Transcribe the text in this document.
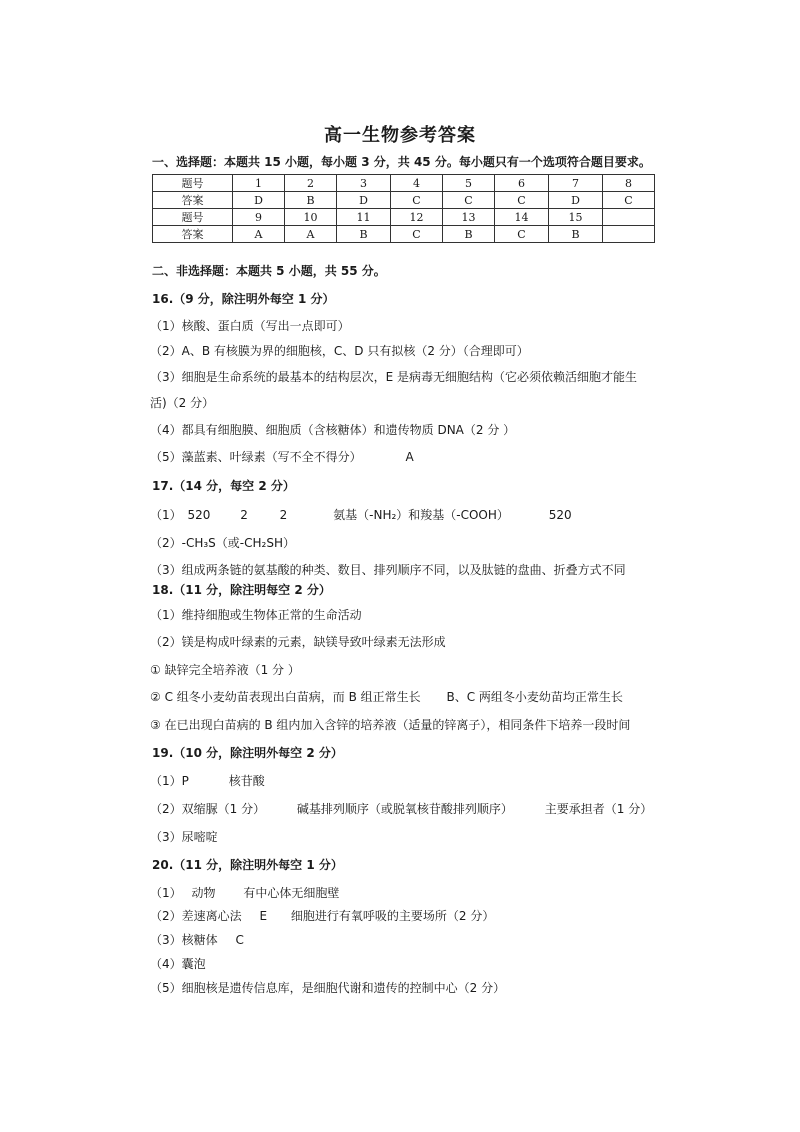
高一生物参考答案
一、选择题：本题共 15 小题，每小题 3 分，共 45 分。每小题只有一个选项符合题目要求。
题号	1	2	3	4	5	6	7	8
答案	D	B	D	C	C	C	D	C
题号	9	10	11	12	13	14	15	
答案	A	A	B	C	B	C	B	
二、非选择题：本题共 5 小题，共 55 分。
16.（9 分，除注明外每空 1 分）
（1）核酸、蛋白质（写出一点即可）
（2）A、B 有核膜为界的细胞核，C、D 只有拟核（2 分）（合理即可）
（3）细胞是生命系统的最基本的结构层次，E 是病毒无细胞结构（它必须依赖活细胞才能生
活)（2 分）
（4）都具有细胞膜、细胞质（含核糖体）和遗传物质 DNA（2 分 ）
（5）藻蓝素、叶绿素（写不全不得分）	A
17.（14 分，每空 2 分）
（1） 520 2	2	氨基（-NH₂）和羧基（-COOH）	520
（2）-CH₃S（或-CH₂SH）
（3）组成两条链的氨基酸的种类、数目、排列顺序不同，以及肽链的盘曲、折叠方式不同
18.（11 分，除注明每空 2 分）
（1）维持细胞或生物体正常的生命活动
（2）镁是构成叶绿素的元素，缺镁导致叶绿素无法形成
① 缺锌完全培养液（1 分 ）
② C 组冬小麦幼苗表现出白苗病，而 B 组正常生长 B、C 两组冬小麦幼苗均正常生长
③ 在已出现白苗病的 B 组内加入含锌的培养液（适量的锌离子），相同条件下培养一段时间
19.（10 分，除注明外每空 2 分）
（1）P	核苷酸
（2）双缩脲（1 分）	碱基排列顺序（或脱氧核苷酸排列顺序）	主要承担者（1 分）
（3）尿嘧啶
20.（11 分，除注明外每空 1 分）
（1） 动物 有中心体无细胞壁
（2）差速离心法 E 细胞进行有氧呼吸的主要场所（2 分）
（3）核糖体 C
（4）囊泡
（5）细胞核是遗传信息库，是细胞代谢和遗传的控制中心（2 分）
